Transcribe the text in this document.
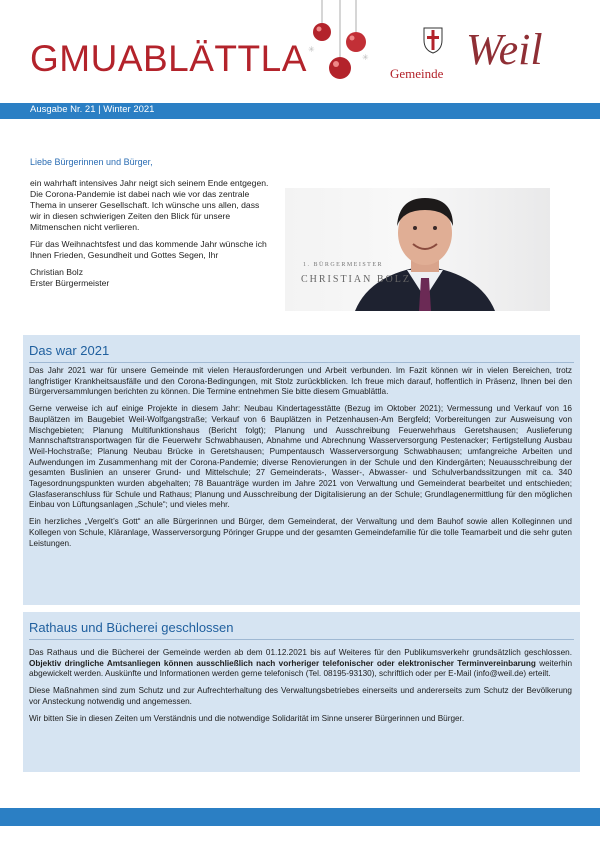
GMUABLÄTTLA ✳
✳
Gemeinde Weil
Ausgabe Nr. 21 | Winter 2021
Liebe Bürgerinnen und Bürger,

ein wahrhaft intensives Jahr neigt sich seinem Ende entgegen. Die Corona-Pandemie ist dabei nach wie vor das zentrale Thema in unserer Gesellschaft. Ich wünsche uns allen, dass wir in diesen schwierigen Zeiten den Blick für unsere Mitmenschen nicht verlieren.

Für das Weihnachtsfest und das kommende Jahr wünsche ich Ihnen Frieden, Gesundheit und Gottes Segen, Ihr

Christian Bolz

Erster Bürgermeister

1. BÜRGERMEISTER
CHRISTIAN BOLZ
Das war 2021

Das Jahr 2021 war für unsere Gemeinde mit vielen Herausforderungen und Arbeit verbunden. Im Fazit können wir in vielen Bereichen, trotz langfristiger Krankheitsausfälle und den Corona-Bedingungen, mit Stolz zurückblicken. Ich freue mich darauf, hoffentlich in Präsenz, Ihnen bei den Bürgerversammlungen berichten zu können. Die Termine entnehmen Sie bitte diesem Gmuablättla.

Gerne verweise ich auf einige Projekte in diesem Jahr: Neubau Kindertagesstätte (Bezug im Oktober 2021); Vermessung und Verkauf von 16 Bauplätzen im Baugebiet Weil-Wolfgangstraße; Verkauf von 6 Bauplätzen in Petzenhausen-Am Bergfeld; Vorbereitungen zur Ausweisung von Mischgebieten; Planung Multifunktionshaus (Bericht folgt); Planung und Ausschreibung Feuerwehrhaus Geretshausen; Auslieferung Mannschaftstransportwagen für die Feuerwehr Schwabhausen, Abnahme und Abrechnung Wasserversorgung Pestenacker; Fertigstellung Ausbau Weil-Hochstraße; Planung Neubau Brücke in Geretshausen; Pumpentausch Wasserversorgung Schwabhausen; umfangreiche Arbeiten und Aufwendungen im Zusammenhang mit der Corona-Pandemie; diverse Renovierungen in der Schule und den Kindergärten; Neuausschreibung der gesamten Buslinien an unserer Grund- und Mittelschule; 27 Gemeinderats-, Wasser-, Abwasser- und Schulverbandssitzungen mit ca. 340 Tagesordnungspunkten wurden abgehalten; 78 Bauanträge wurden im Jahre 2021 von Verwaltung und Gemeinderat bearbeitet und entschieden; Glasfaseranschluss für Schule und Rathaus; Planung und Ausschreibung der Digitalisierung an der Schule; Grundlagenermittlung für den möglichen Einbau von Lüftungsanlagen „Schule“; und vieles mehr.

Ein herzliches „Vergelt’s Gott“ an alle Bürgerinnen und Bürger, dem Gemeinderat, der Verwaltung und dem Bauhof sowie allen Kolleginnen und Kollegen von Schule, Kläranlage, Wasserversorgung Pöringer Gruppe und der gesamten Gemeindefamilie für die tolle Teamarbeit und die sehr guten Leistungen.

Rathaus und Bücherei geschlossen

Das Rathaus und die Bücherei der Gemeinde werden ab dem 01.12.2021 bis auf Weiteres für den Publikumsverkehr grundsätzlich geschlossen. Objektiv dringliche Amtsanliegen können ausschließlich nach vorheriger telefonischer oder elektronischer Terminvereinbarung weiterhin abgewickelt werden. Auskünfte und Informationen werden gerne telefonisch (Tel. 08195-93130), schriftlich oder per E-Mail (info@weil.de) erteilt.

Diese Maßnahmen sind zum Schutz und zur Aufrechterhaltung des Verwaltungsbetriebes einerseits und andererseits zum Schutz der Bevölkerung vor Ansteckung notwendig und angemessen.

Wir bitten Sie in diesen Zeiten um Verständnis und die notwendige Solidarität im Sinne unserer Bürgerinnen und Bürger.
